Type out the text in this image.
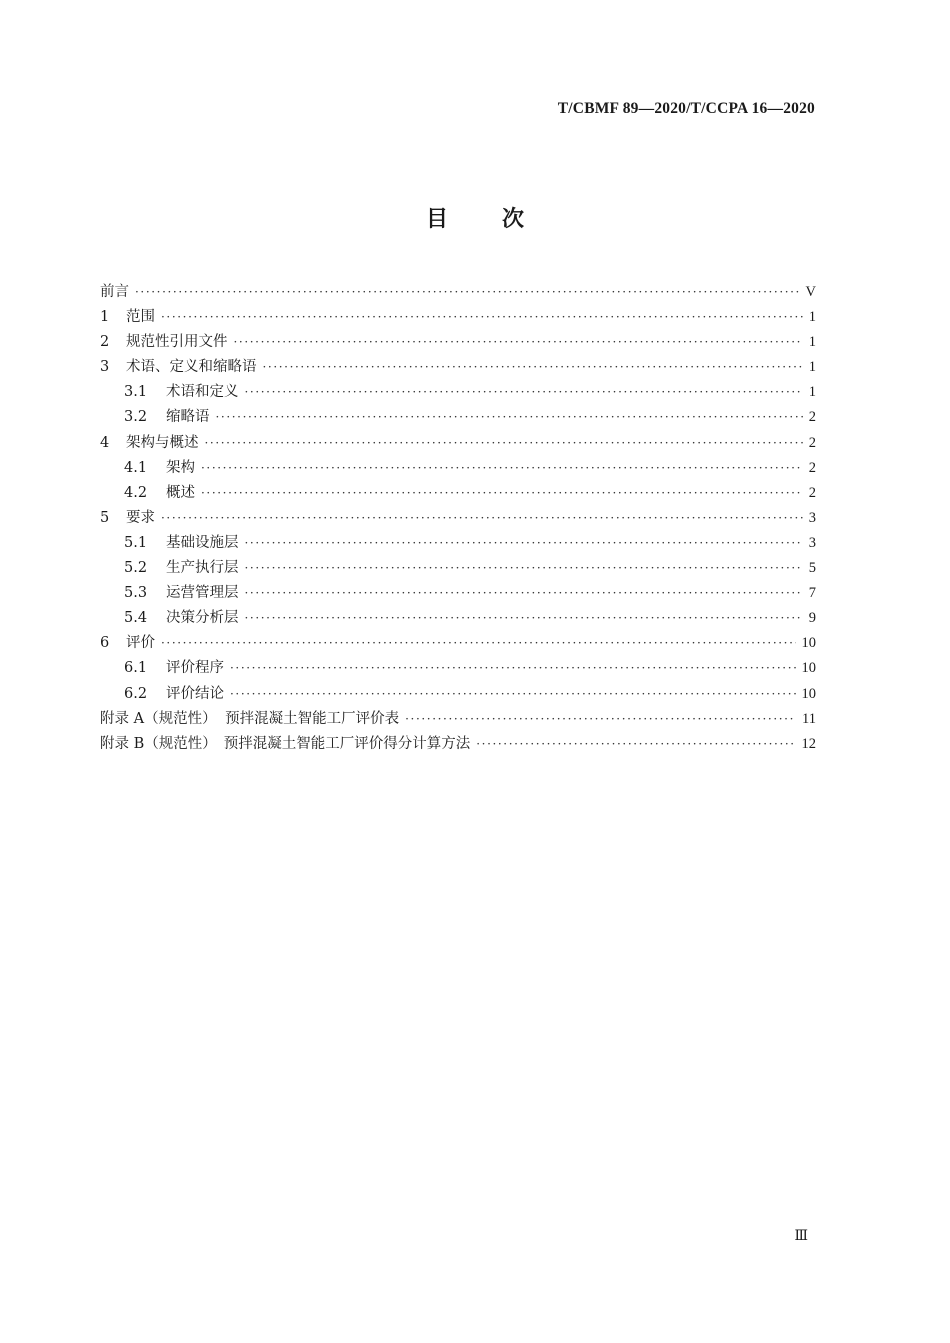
T/CBMF 89—2020/T/CCPA 16—2020
目次
前言 ·····	V
1	范围 ·····	1
2	规范性引用文件 ·····	1
3	术语、定义和缩略语 ·····	1
3.1	术语和定义 ·····	1
3.2	缩略语 ·····	2
4	架构与概述 ·····	2
4.1	架构 ·····	2
4.2	概述 ·····	2
5	要求 ·····	3
5.1	基础设施层 ·····	3
5.2	生产执行层 ·····	5
5.3	运营管理层 ·····	7
5.4	决策分析层 ·····	9
6	评价 ·····	10
6.1	评价程序 ·····	10
6.2	评价结论 ·····	10
附录 A（规范性） 预拌混凝土智能工厂评价表 ·····	11
附录 B（规范性） 预拌混凝土智能工厂评价得分计算方法 ·····	12
Ⅲ
